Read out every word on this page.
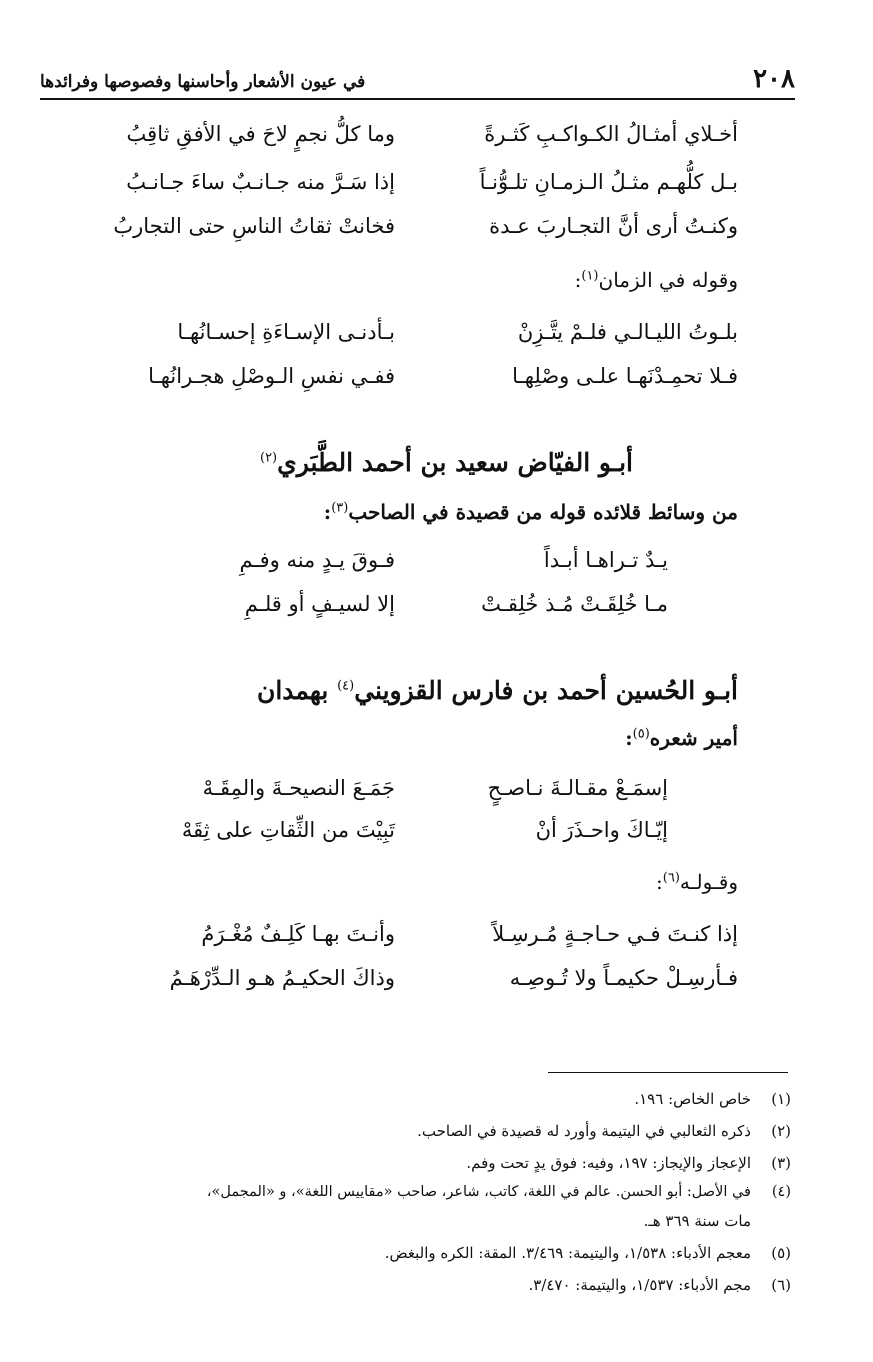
٢٠٨
في عيون الأشعار وأحاسنها وفصوصها وفرائدها
أخـلاي أمثـالُ الكـواكـبِ كَثـرةً
وما كلُّ نجمٍ لاحَ في الأفقِ ثاقِبُ
بـل كلُّهـم مثـلُ الـزمـانِ تلـوُّنـاً
إذا سَـرَّ منه جـانـبٌ ساءَ جـانـبُ
وكنـتُ أرى أنَّ التجـاربَ عـدة
فخانتْ ثقاتُ الناسِ حتى التجاربُ
وقوله في الزمان$^{(١)}$:
بلـوتُ الليـالـي فلـمْ يتَّـزِنْ
بـأدنـى الإسـاءَةِ إحسـانُهـا
فـلا تحمِـدْنَهـا علـى وصْلِهـا
ففـي نفسِ الـوصْلِ هجـرانُهـا
أبـو الفيّاض سعيد بن أحمد الطَّبَري$^{(٢)}$
من وسائط قلائده قوله من قصيدة في الصاحب$^{(٣)}$:
يـدٌ تـراهـا أبـداً
فـوقَ يـدٍ منه وفـمِ
مـا خُلِقَـتْ مُـذ خُلِقـتْ
إلا لسيـفٍ أو قلـمِ
أبـو الحُسين أحمد بن فارس القزويني$^{(٤)}$ بهمدان
أمير شعره$^{(٥)}$:
إسمَـعْ مقـالـةَ نـاصـحٍ
جَمَـعَ النصيحـةَ والمِقَـهْ
إيّـاكَ واحـذَرَ أنْ
تَبِيْتَ من الثِّقاتِ على ثِقَهْ
وقـولـه$^{(٦)}$:
إذا كنـتَ فـي حـاجـةٍ مُـرسِـلاً
وأنـتَ بهـا كَلِـفٌ مُغْـرَمُ
فـأرسِـلْ حكيمـاً ولا تُـوصِـه
وذاكَ الحكيـمُ هـو الـدِّرْهَـمُ
(١)خاص الخاص: ١٩٦.
(٢)ذكره الثعالبي في اليتيمة وأورد له قصيدة في الصاحب.
(٣)الإعجاز والإيجاز: ١٩٧، وفيه: فوق يدٍ تحت وفم.
(٤)في الأصل: أبو الحسن. عالم في اللغة، كاتب، شاعر، صاحب «مقاييس اللغة»، و «المجمل»،
مات سنة ٣٦٩ هـ.
(٥)معجم الأدباء: ١/٥٣٨، واليتيمة: ٣/٤٦٩. المقة: الكره والبغض.
(٦)مجم الأدباء: ١/٥٣٧، واليتيمة: ٣/٤٧٠.
